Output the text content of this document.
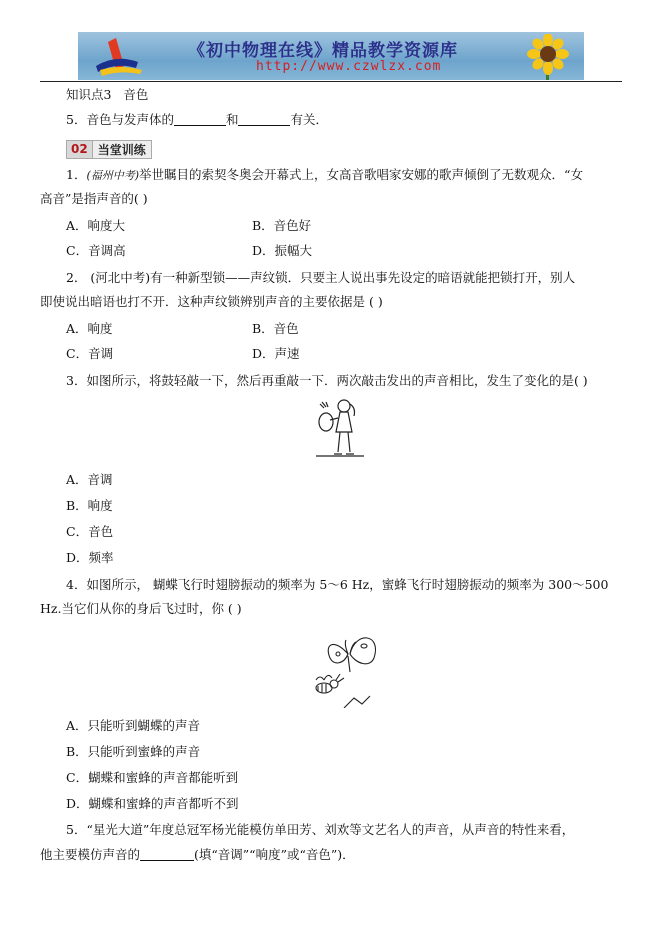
《初中物理在线》精品教学资源库
http://www.czwlzx.com
知识点3 音色
5．音色与发声体的	和	有关．
02 当堂训练
1．(福州中考)举世瞩目的索契冬奥会开幕式上，女高音歌唱家安娜的歌声倾倒了无数观众．“女
高音”是指声音的( )
A．响度大	B．音色好
C．音调高	D．振幅大
2． (河北中考)有一种新型锁——声纹锁．只要主人说出事先设定的暗语就能把锁打开，别人
即使说出暗语也打不开．这种声纹锁辨别声音的主要依据是 ( )
A．响度	B．音色
C．音调	D．声速
3．如图所示，将鼓轻敲一下，然后再重敲一下．两次敲击发出的声音相比，发生了变化的是( )
A．音调
B．响度
C．音色
D．频率
4．如图所示， 蝴蝶飞行时翅膀振动的频率为 5～6 Hz，蜜蜂飞行时翅膀振动的频率为 300～500
Hz.当它们从你的身后飞过时，你 ( )
A．只能听到蝴蝶的声音
B．只能听到蜜蜂的声音
C．蝴蝶和蜜蜂的声音都能听到
D．蝴蝶和蜜蜂的声音都听不到
5．“星光大道”年度总冠军杨光能模仿单田芳、刘欢等文艺名人的声音，从声音的特性来看，
他主要模仿声音的	(填“音调”“响度”或“音色”)．
